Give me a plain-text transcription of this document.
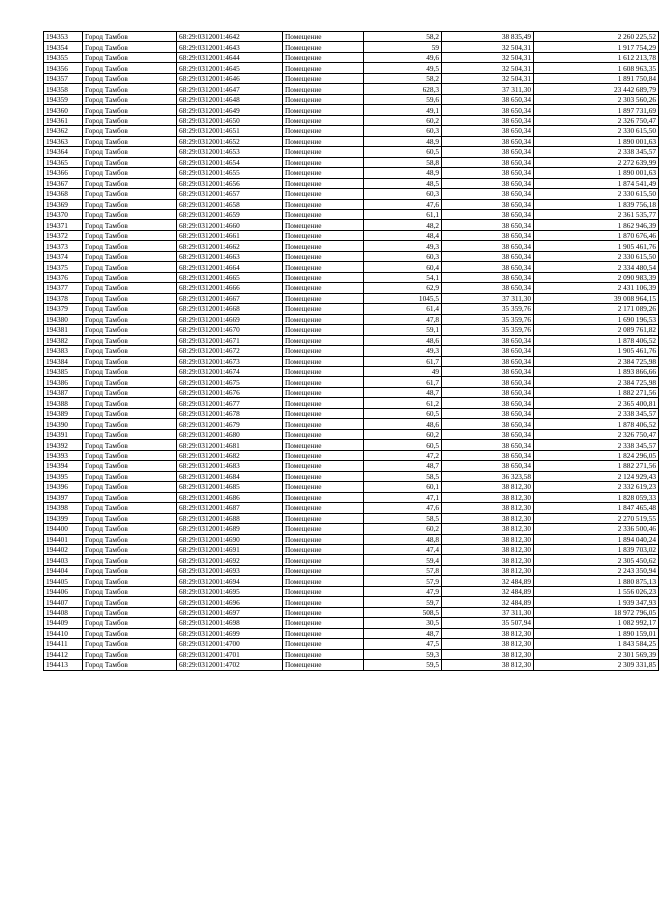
194353	Город Тамбов	68:29:0312001:4642	Помещение	58,2	38 835,49	2 260 225,52
194354	Город Тамбов	68:29:0312001:4643	Помещение	59	32 504,31	1 917 754,29
194355	Город Тамбов	68:29:0312001:4644	Помещение	49,6	32 504,31	1 612 213,78
194356	Город Тамбов	68:29:0312001:4645	Помещение	49,5	32 504,31	1 608 963,35
194357	Город Тамбов	68:29:0312001:4646	Помещение	58,2	32 504,31	1 891 750,84
194358	Город Тамбов	68:29:0312001:4647	Помещение	628,3	37 311,30	23 442 689,79
194359	Город Тамбов	68:29:0312001:4648	Помещение	59,6	38 650,34	2 303 560,26
194360	Город Тамбов	68:29:0312001:4649	Помещение	49,1	38 650,34	1 897 731,69
194361	Город Тамбов	68:29:0312001:4650	Помещение	60,2	38 650,34	2 326 750,47
194362	Город Тамбов	68:29:0312001:4651	Помещение	60,3	38 650,34	2 330 615,50
194363	Город Тамбов	68:29:0312001:4652	Помещение	48,9	38 650,34	1 890 001,63
194364	Город Тамбов	68:29:0312001:4653	Помещение	60,5	38 650,34	2 338 345,57
194365	Город Тамбов	68:29:0312001:4654	Помещение	58,8	38 650,34	2 272 639,99
194366	Город Тамбов	68:29:0312001:4655	Помещение	48,9	38 650,34	1 890 001,63
194367	Город Тамбов	68:29:0312001:4656	Помещение	48,5	38 650,34	1 874 541,49
194368	Город Тамбов	68:29:0312001:4657	Помещение	60,3	38 650,34	2 330 615,50
194369	Город Тамбов	68:29:0312001:4658	Помещение	47,6	38 650,34	1 839 756,18
194370	Город Тамбов	68:29:0312001:4659	Помещение	61,1	38 650,34	2 361 535,77
194371	Город Тамбов	68:29:0312001:4660	Помещение	48,2	38 650,34	1 862 946,39
194372	Город Тамбов	68:29:0312001:4661	Помещение	48,4	38 650,34	1 870 676,46
194373	Город Тамбов	68:29:0312001:4662	Помещение	49,3	38 650,34	1 905 461,76
194374	Город Тамбов	68:29:0312001:4663	Помещение	60,3	38 650,34	2 330 615,50
194375	Город Тамбов	68:29:0312001:4664	Помещение	60,4	38 650,34	2 334 480,54
194376	Город Тамбов	68:29:0312001:4665	Помещение	54,1	38 650,34	2 090 983,39
194377	Город Тамбов	68:29:0312001:4666	Помещение	62,9	38 650,34	2 431 106,39
194378	Город Тамбов	68:29:0312001:4667	Помещение	1045,5	37 311,30	39 008 964,15
194379	Город Тамбов	68:29:0312001:4668	Помещение	61,4	35 359,76	2 171 089,26
194380	Город Тамбов	68:29:0312001:4669	Помещение	47,8	35 359,76	1 690 196,53
194381	Город Тамбов	68:29:0312001:4670	Помещение	59,1	35 359,76	2 089 761,82
194382	Город Тамбов	68:29:0312001:4671	Помещение	48,6	38 650,34	1 878 406,52
194383	Город Тамбов	68:29:0312001:4672	Помещение	49,3	38 650,34	1 905 461,76
194384	Город Тамбов	68:29:0312001:4673	Помещение	61,7	38 650,34	2 384 725,98
194385	Город Тамбов	68:29:0312001:4674	Помещение	49	38 650,34	1 893 866,66
194386	Город Тамбов	68:29:0312001:4675	Помещение	61,7	38 650,34	2 384 725,98
194387	Город Тамбов	68:29:0312001:4676	Помещение	48,7	38 650,34	1 882 271,56
194388	Город Тамбов	68:29:0312001:4677	Помещение	61,2	38 650,34	2 365 400,81
194389	Город Тамбов	68:29:0312001:4678	Помещение	60,5	38 650,34	2 338 345,57
194390	Город Тамбов	68:29:0312001:4679	Помещение	48,6	38 650,34	1 878 406,52
194391	Город Тамбов	68:29:0312001:4680	Помещение	60,2	38 650,34	2 326 750,47
194392	Город Тамбов	68:29:0312001:4681	Помещение	60,5	38 650,34	2 338 345,57
194393	Город Тамбов	68:29:0312001:4682	Помещение	47,2	38 650,34	1 824 296,05
194394	Город Тамбов	68:29:0312001:4683	Помещение	48,7	38 650,34	1 882 271,56
194395	Город Тамбов	68:29:0312001:4684	Помещение	58,5	36 323,58	2 124 929,43
194396	Город Тамбов	68:29:0312001:4685	Помещение	60,1	38 812,30	2 332 619,23
194397	Город Тамбов	68:29:0312001:4686	Помещение	47,1	38 812,30	1 828 059,33
194398	Город Тамбов	68:29:0312001:4687	Помещение	47,6	38 812,30	1 847 465,48
194399	Город Тамбов	68:29:0312001:4688	Помещение	58,5	38 812,30	2 270 519,55
194400	Город Тамбов	68:29:0312001:4689	Помещение	60,2	38 812,30	2 336 500,46
194401	Город Тамбов	68:29:0312001:4690	Помещение	48,8	38 812,30	1 894 040,24
194402	Город Тамбов	68:29:0312001:4691	Помещение	47,4	38 812,30	1 839 703,02
194403	Город Тамбов	68:29:0312001:4692	Помещение	59,4	38 812,30	2 305 450,62
194404	Город Тамбов	68:29:0312001:4693	Помещение	57,8	38 812,30	2 243 350,94
194405	Город Тамбов	68:29:0312001:4694	Помещение	57,9	32 484,89	1 880 875,13
194406	Город Тамбов	68:29:0312001:4695	Помещение	47,9	32 484,89	1 556 026,23
194407	Город Тамбов	68:29:0312001:4696	Помещение	59,7	32 484,89	1 939 347,93
194408	Город Тамбов	68:29:0312001:4697	Помещение	508,5	37 311,30	18 972 796,05
194409	Город Тамбов	68:29:0312001:4698	Помещение	30,5	35 507,94	1 082 992,17
194410	Город Тамбов	68:29:0312001:4699	Помещение	48,7	38 812,30	1 890 159,01
194411	Город Тамбов	68:29:0312001:4700	Помещение	47,5	38 812,30	1 843 584,25
194412	Город Тамбов	68:29:0312001:4701	Помещение	59,3	38 812,30	2 301 569,39
194413	Город Тамбов	68:29:0312001:4702	Помещение	59,5	38 812,30	2 309 331,85
